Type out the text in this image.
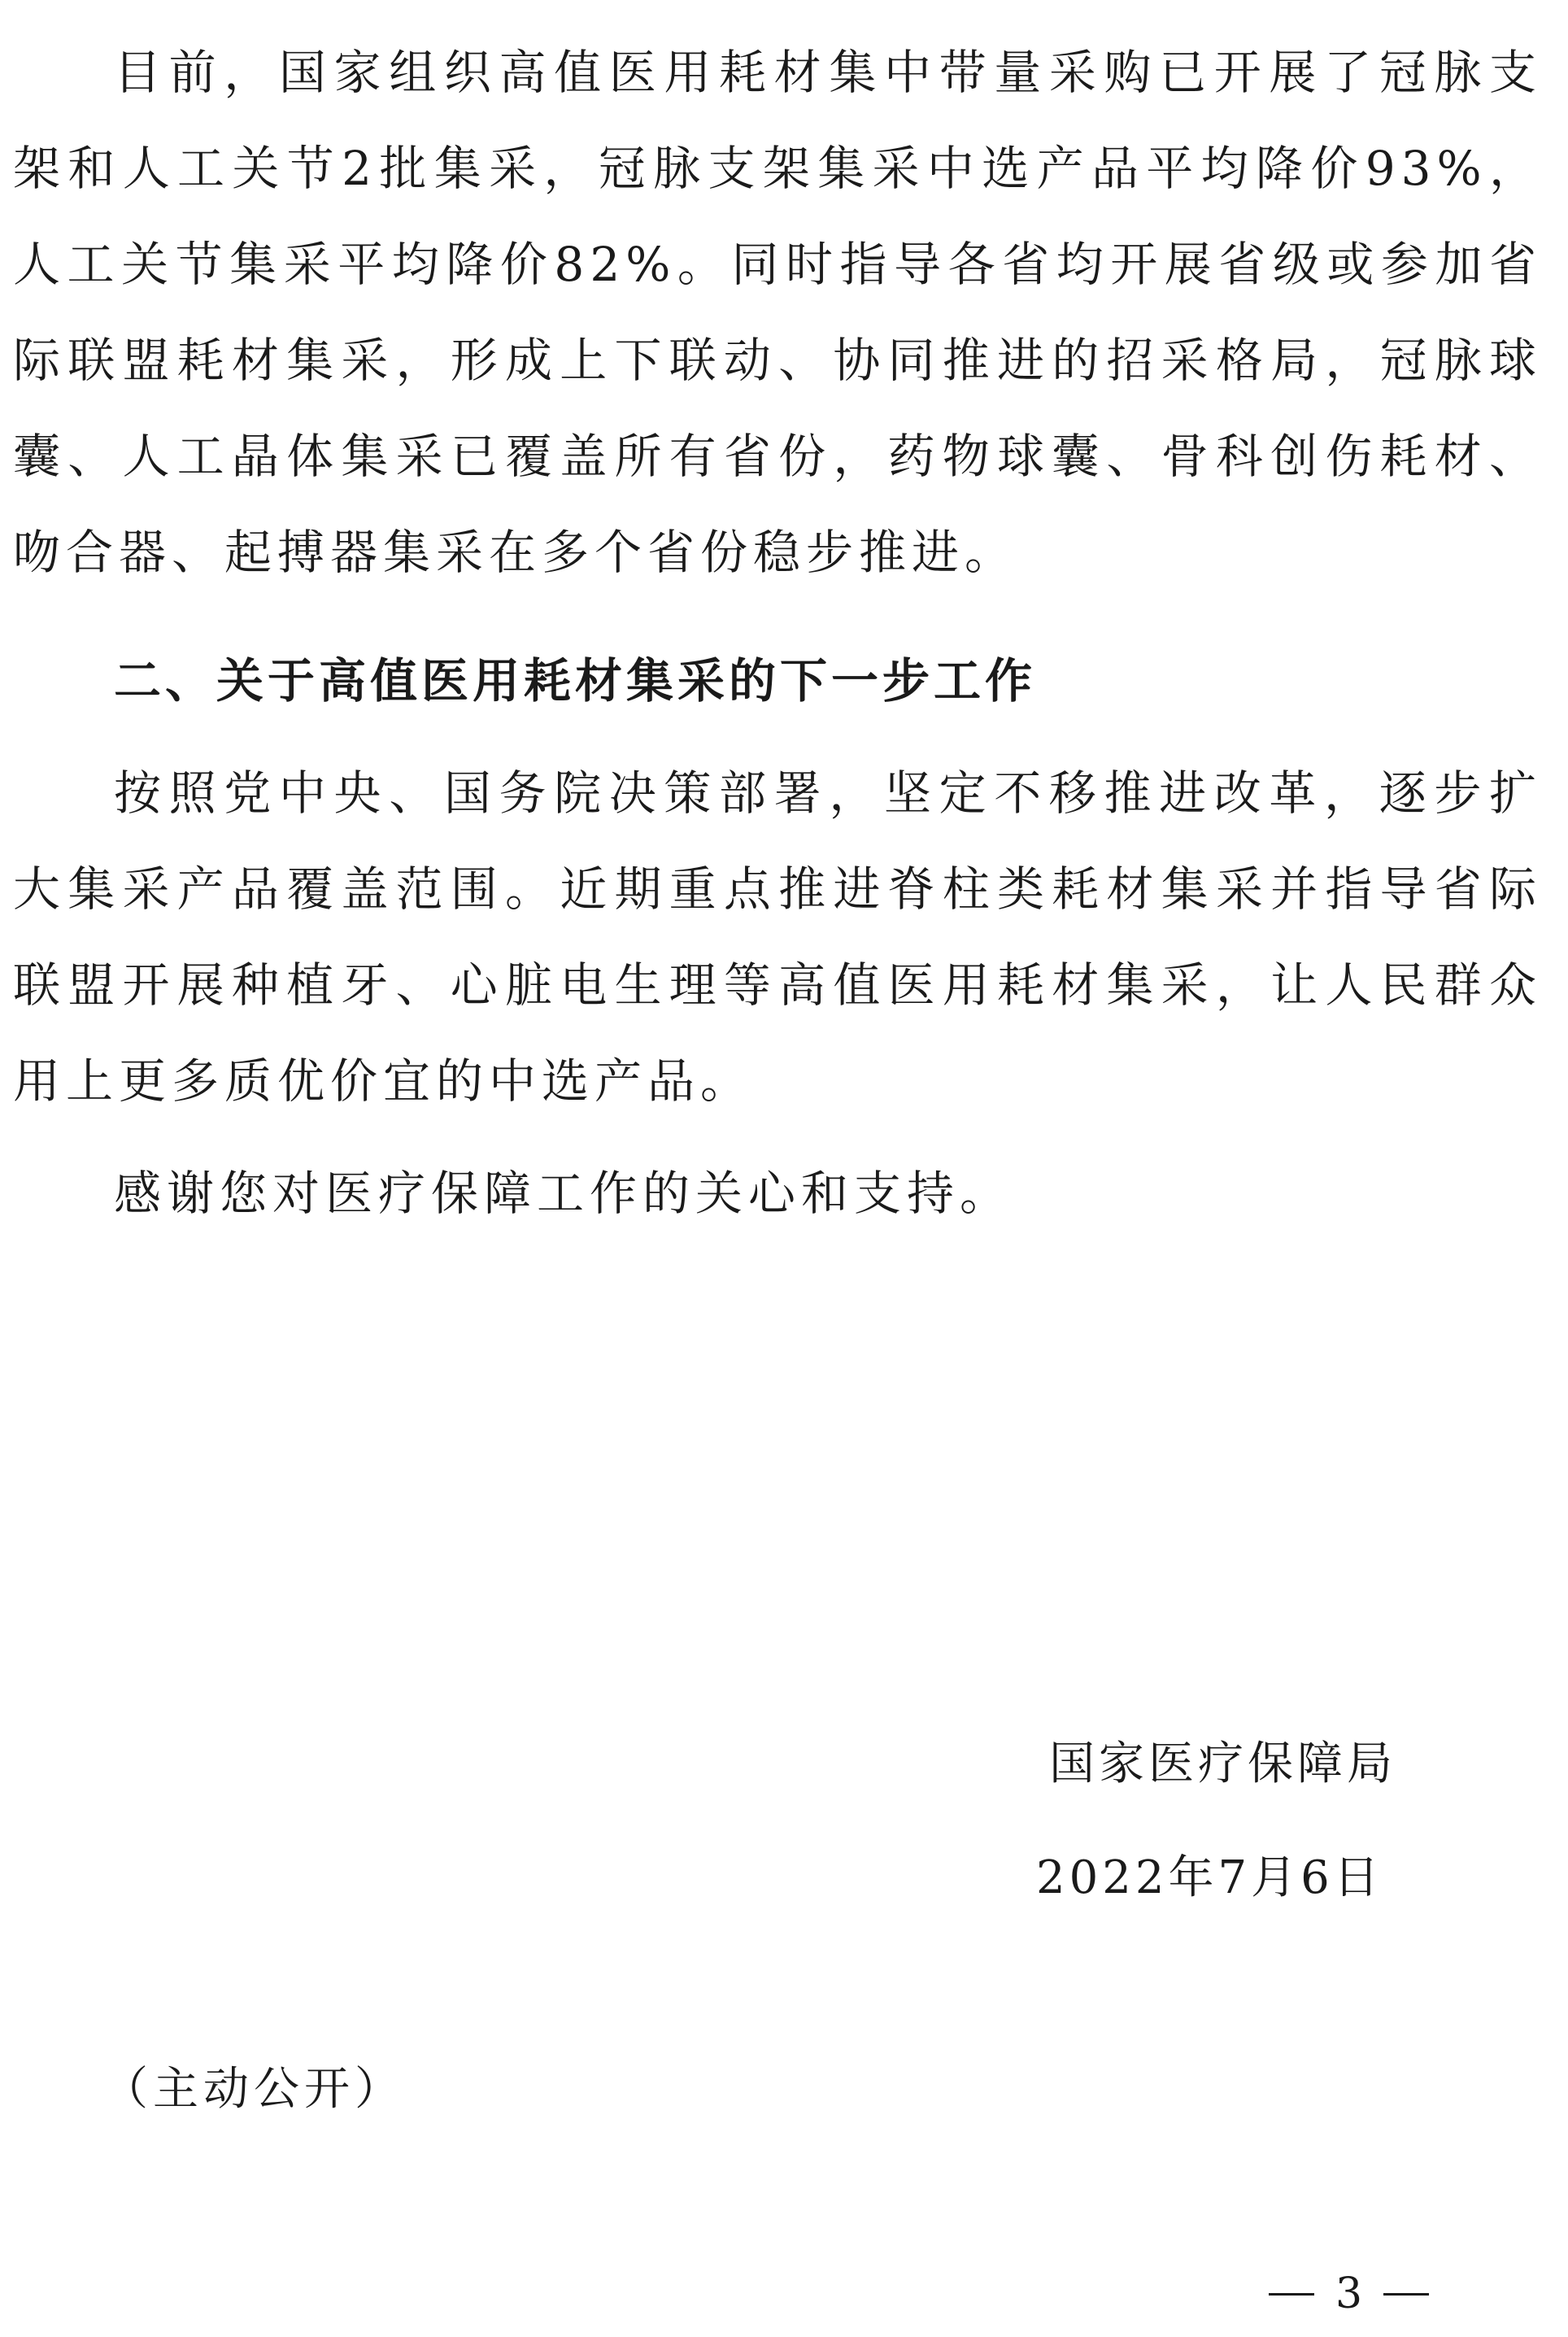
目前，国家组织高值医用耗材集中带量采购已开展了冠脉支
架和人工关节2批集采，冠脉支架集采中选产品平均降价93%，
人工关节集采平均降价82%。同时指导各省均开展省级或参加省
际联盟耗材集采，形成上下联动、协同推进的招采格局，冠脉球
囊、人工晶体集采已覆盖所有省份，药物球囊、骨科创伤耗材、
吻合器、起搏器集采在多个省份稳步推进。
二、关于高值医用耗材集采的下一步工作
按照党中央、国务院决策部署，坚定不移推进改革，逐步扩
大集采产品覆盖范围。近期重点推进脊柱类耗材集采并指导省际
联盟开展种植牙、心脏电生理等高值医用耗材集采，让人民群众
用上更多质优价宜的中选产品。
感谢您对医疗保障工作的关心和支持。
国家医疗保障局
2022年7月6日
（主动公开）
3
